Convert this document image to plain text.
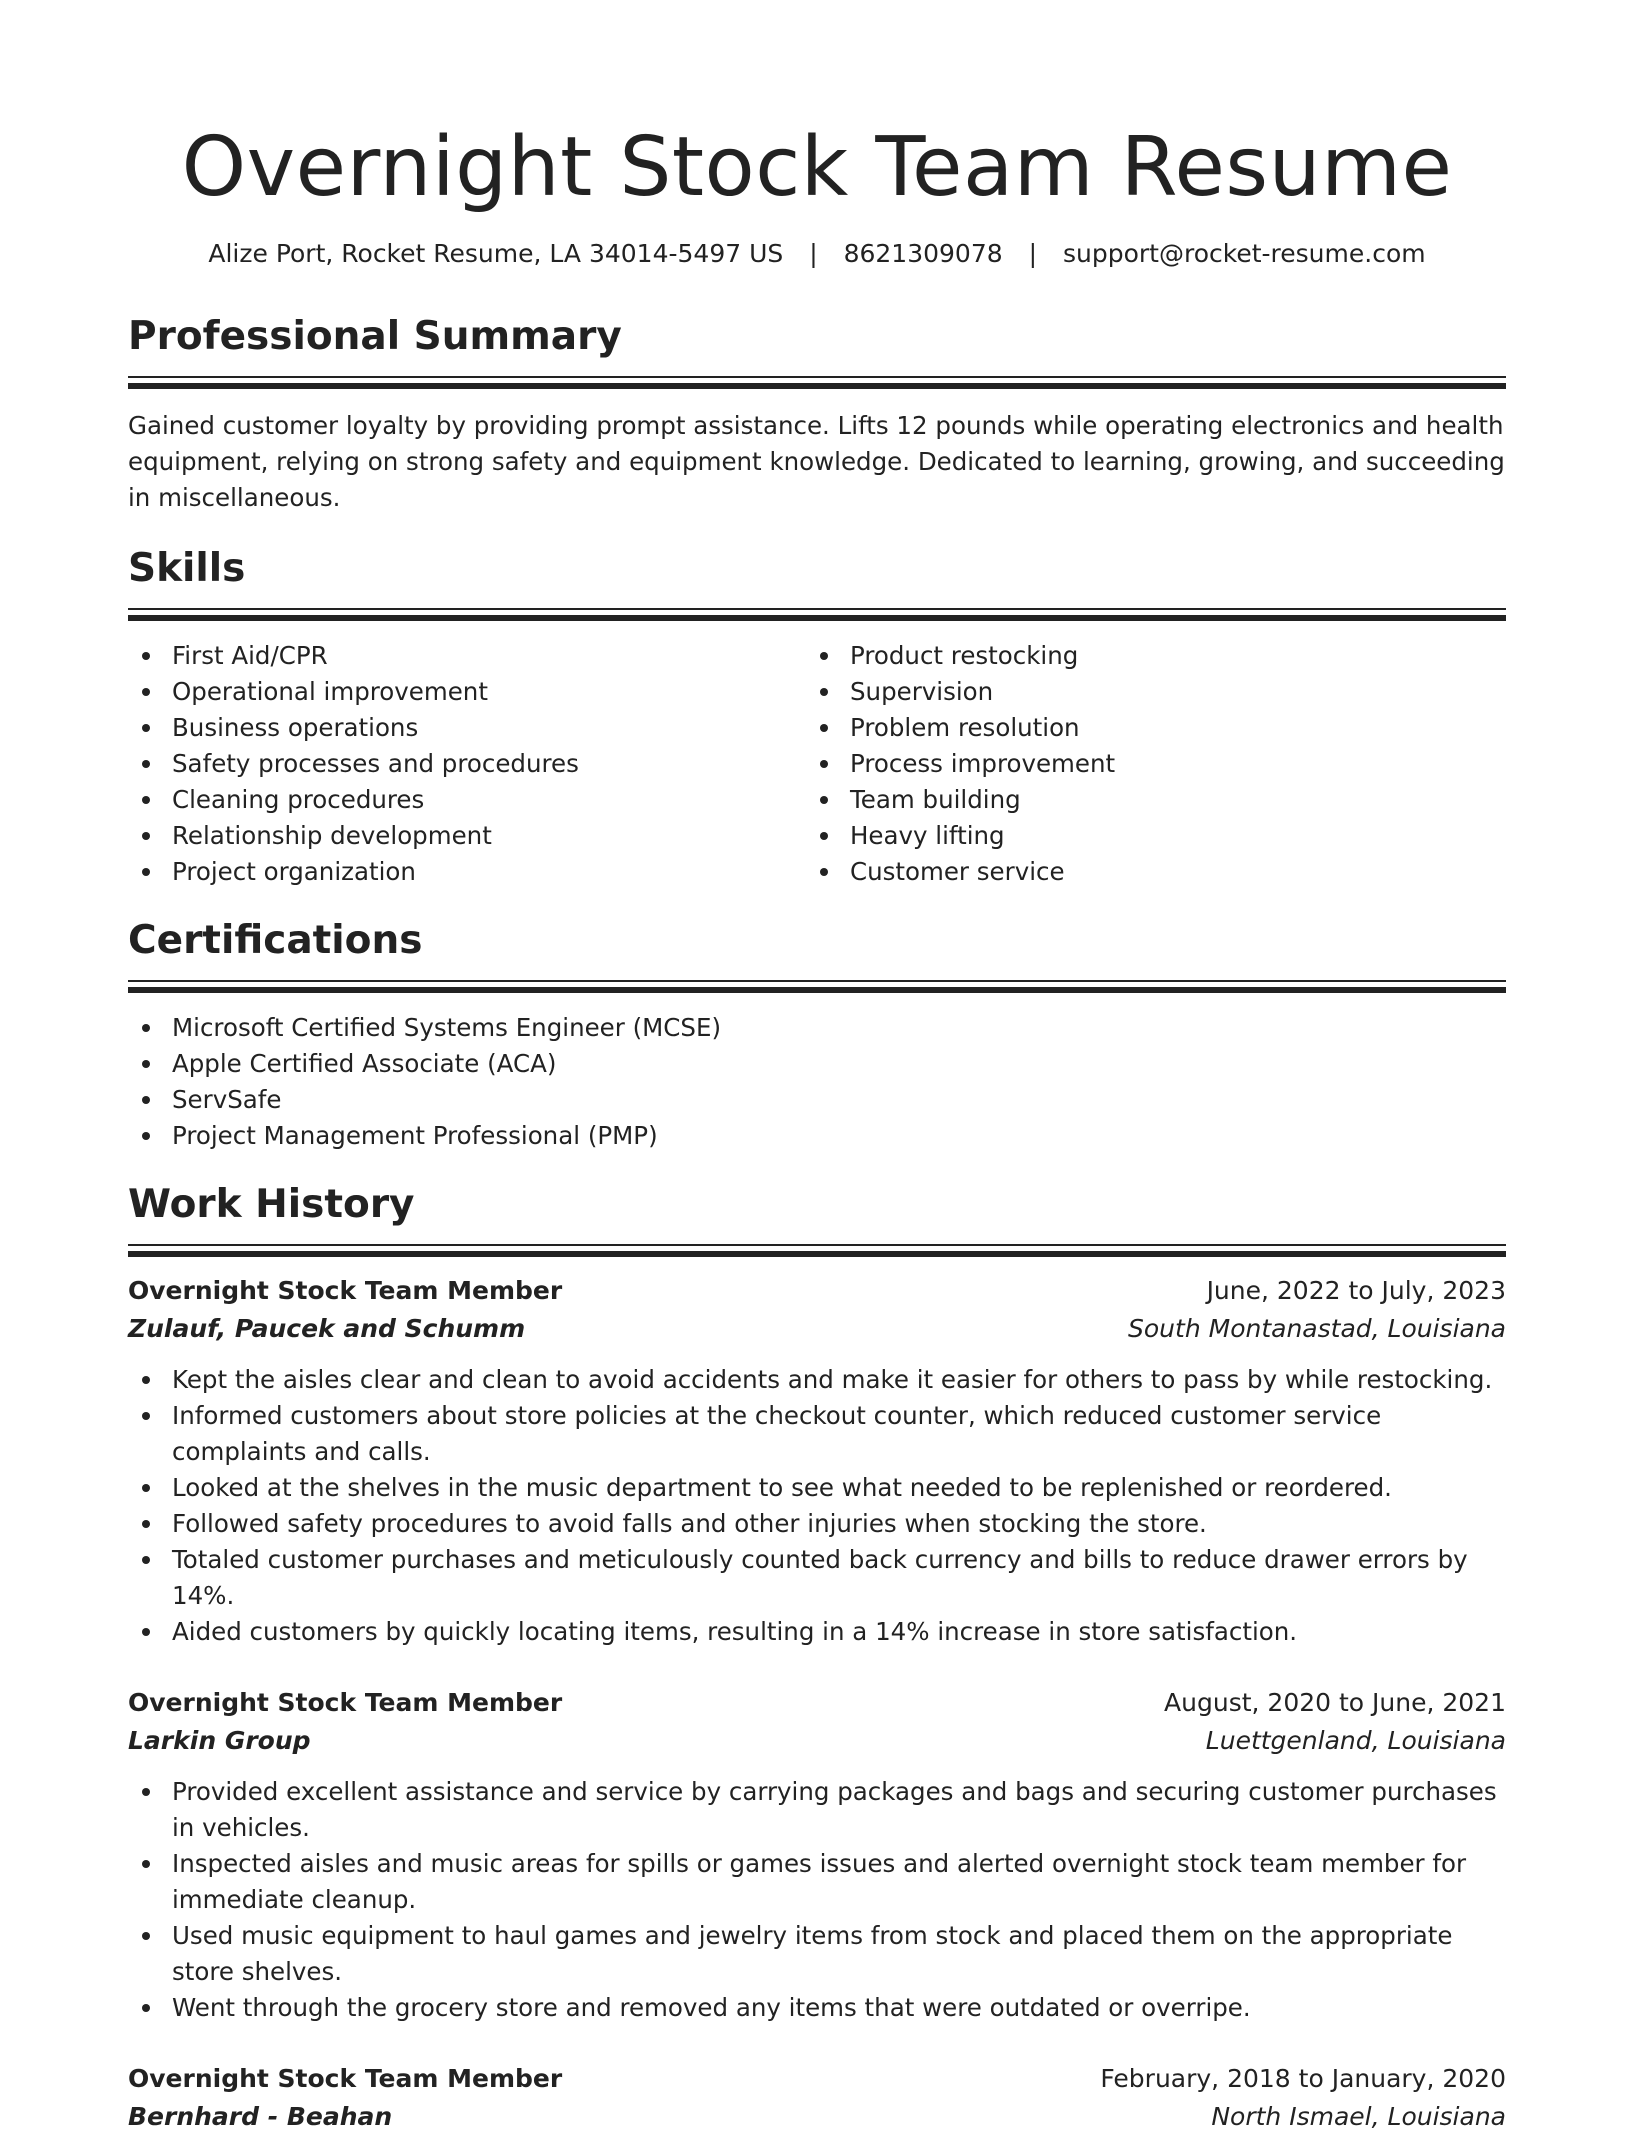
Overnight Stock Team Resume
Alize Port, Rocket Resume, LA 34014-5497 US | 8621309078 | support@rocket-resume.com
Professional Summary
Gained customer loyalty by providing prompt assistance. Lifts 12 pounds while operating electronics and health equipment, relying on strong safety and equipment knowledge. Dedicated to learning, growing, and succeeding in miscellaneous.
Skills
First Aid/CPR
Operational improvement
Business operations
Safety processes and procedures
Cleaning procedures
Relationship development
Project organization
Product restocking
Supervision
Problem resolution
Process improvement
Team building
Heavy lifting
Customer service
Certifications
Microsoft Certified Systems Engineer (MCSE)
Apple Certified Associate (ACA)
ServSafe
Project Management Professional (PMP)
Work History
Overnight Stock Team Member	June, 2022 to July, 2023
Zulauf, Paucek and Schumm	South Montanastad, Louisiana
Kept the aisles clear and clean to avoid accidents and make it easier for others to pass by while restocking.
Informed customers about store policies at the checkout counter, which reduced customer service complaints and calls.
Looked at the shelves in the music department to see what needed to be replenished or reordered.
Followed safety procedures to avoid falls and other injuries when stocking the store.
Totaled customer purchases and meticulously counted back currency and bills to reduce drawer errors by 14%.
Aided customers by quickly locating items, resulting in a 14% increase in store satisfaction.
Overnight Stock Team Member	August, 2020 to June, 2021
Larkin Group	Luettgenland, Louisiana
Provided excellent assistance and service by carrying packages and bags and securing customer purchases in vehicles.
Inspected aisles and music areas for spills or games issues and alerted overnight stock team member for immediate cleanup.
Used music equipment to haul games and jewelry items from stock and placed them on the appropriate store shelves.
Went through the grocery store and removed any items that were outdated or overripe.
Overnight Stock Team Member	February, 2018 to January, 2020
Bernhard - Beahan	North Ismael, Louisiana
